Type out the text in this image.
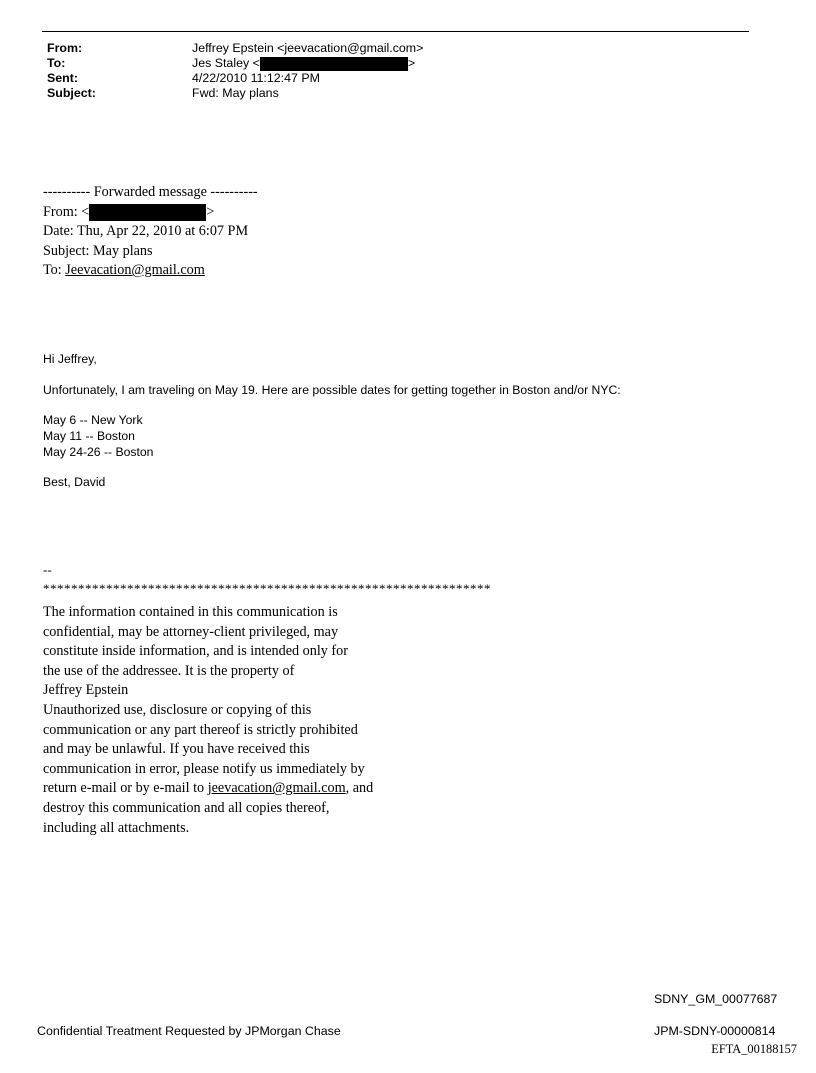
From:	Jeffrey Epstein <jeevacation@gmail.com>
To:	Jes Staley <	>
Sent:	4/22/2010 11:12:47 PM
Subject:	Fwd: May plans
---------- Forwarded message ----------
From: <	>
Date: Thu, Apr 22, 2010 at 6:07 PM
Subject: May plans
To: Jeevacation@gmail.com
Hi Jeffrey,
Unfortunately, I am traveling on May 19. Here are possible dates for getting together in Boston and/or NYC:
May 6 -- New York
May 11 -- Boston
May 24-26 -- Boston
Best, David
--
****************************************************************
The information contained in this communication is
confidential, may be attorney-client privileged, may
constitute inside information, and is intended only for
the use of the addressee. It is the property of
Jeffrey Epstein
Unauthorized use, disclosure or copying of this
communication or any part thereof is strictly prohibited
and may be unlawful. If you have received this
communication in error, please notify us immediately by
return e-mail or by e-mail to jeevacation@gmail.com, and
destroy this communication and all copies thereof,
including all attachments.
SDNY_GM_00077687
Confidential Treatment Requested by JPMorgan Chase	JPM-SDNY-00000814
EFTA_00188157
